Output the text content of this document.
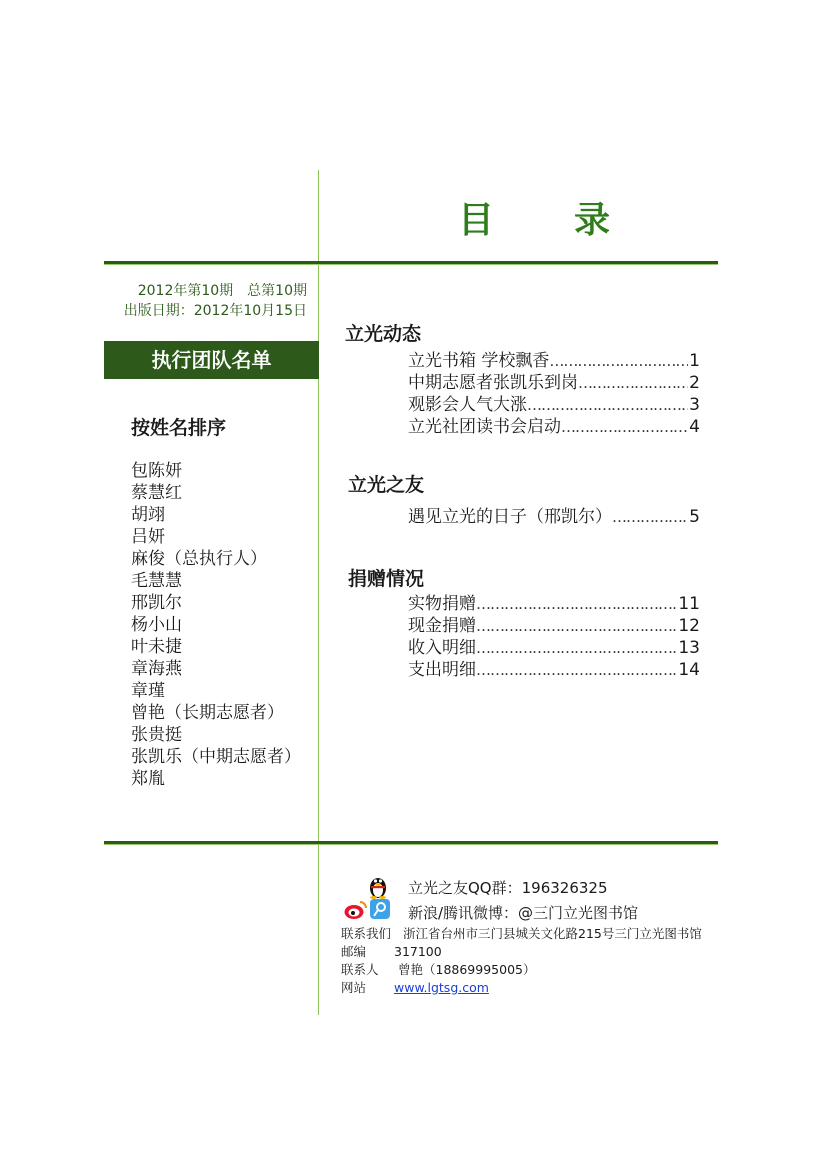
目　录
2012年第10期　总第10期
出版日期：2012年10月15日
执行团队名单
按姓名排序
包陈妍
蔡慧红
胡翊
吕妍
麻俊（总执行人）
毛慧慧
邢凯尔
杨小山
叶未捷
章海燕
章瑾
曾艳（长期志愿者）
张贵挺
张凯乐（中期志愿者）
郑胤
立光动态
立光书箱 学校飘香 …………………………………………………………………………………………………………	1
中期志愿者张凯乐到岗 …………………………………………………………………………………………………………	2
观影会人气大涨 …………………………………………………………………………………………………………	3
立光社团读书会启动 …………………………………………………………………………………………………………	4
立光之友
遇见立光的日子（邢凯尔） …………………………………………………………………………………………………………	5
捐赠情况
实物捐赠 …………………………………………………………………………………………………………	11
现金捐赠 …………………………………………………………………………………………………………	12
收入明细 …………………………………………………………………………………………………………	13
支出明细 …………………………………………………………………………………………………………	14
立光之友QQ群：196326325
新浪/腾讯微博：@三门立光图书馆
联系我们 浙江省台州市三门县城关文化路215号三门立光图书馆
邮编 317100
联系人 曾艳（18869995005）
网站 www.lgtsg.com
